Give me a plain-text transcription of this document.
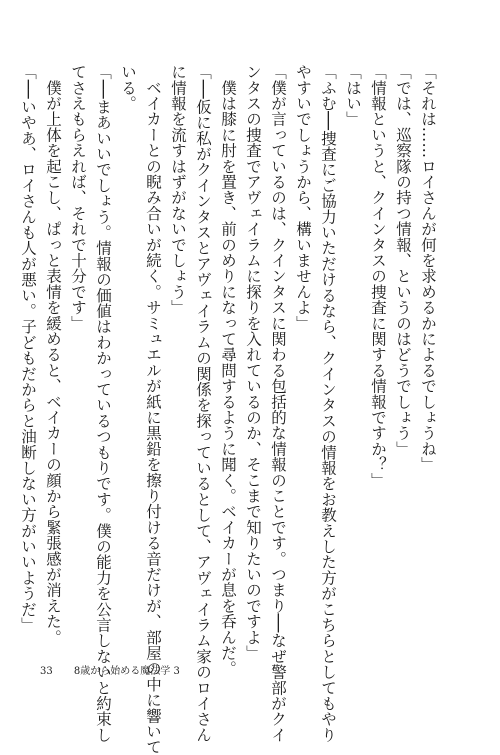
「それは……ロイさんが何を求めるかによるでしょうね」
「では、巡察隊の持つ情報、というのはどうでしょう」
「情報というと、クインタスの捜査に関する情報ですか？」
「はい」
「ふむ──捜査にご協力いただけるなら、クインタスの情報をお教えした方がこちらとしてもやり
やすいでしょうから、構いませんよ」
「僕が言っているのは、クインタスに関わる包括的な情報のことです。つまり──なぜ警部がクイ
ンタスの捜査でアヴェイラムに探りを入れているのか、そこまで知りたいのですよ」
　僕は膝に肘を置き、前のめりになって尋問するように聞く。ベイカーが息を呑んだ。
「──仮に私がクインタスとアヴェイラムの関係を探っているとして、アヴェイラム家のロイさん
に情報を流すはずがないでしょう」
　ベイカーとの睨み合いが続く。サミュエルが紙に黒鉛を擦り付ける音だけが、部屋の中に響いて
いる。
「──まあいいでしょう。情報の価値はわかっているつもりです。僕の能力を公言しないと約束し
てさえもらえれば、それで十分です」
　僕が上体を起こし、ぱっと表情を緩めると、ベイカーの顔から緊張感が消えた。
「──いやあ、ロイさんも人が悪い。子どもだからと油断しない方がいいようだ」
33 8歳から始める魔法学 3
